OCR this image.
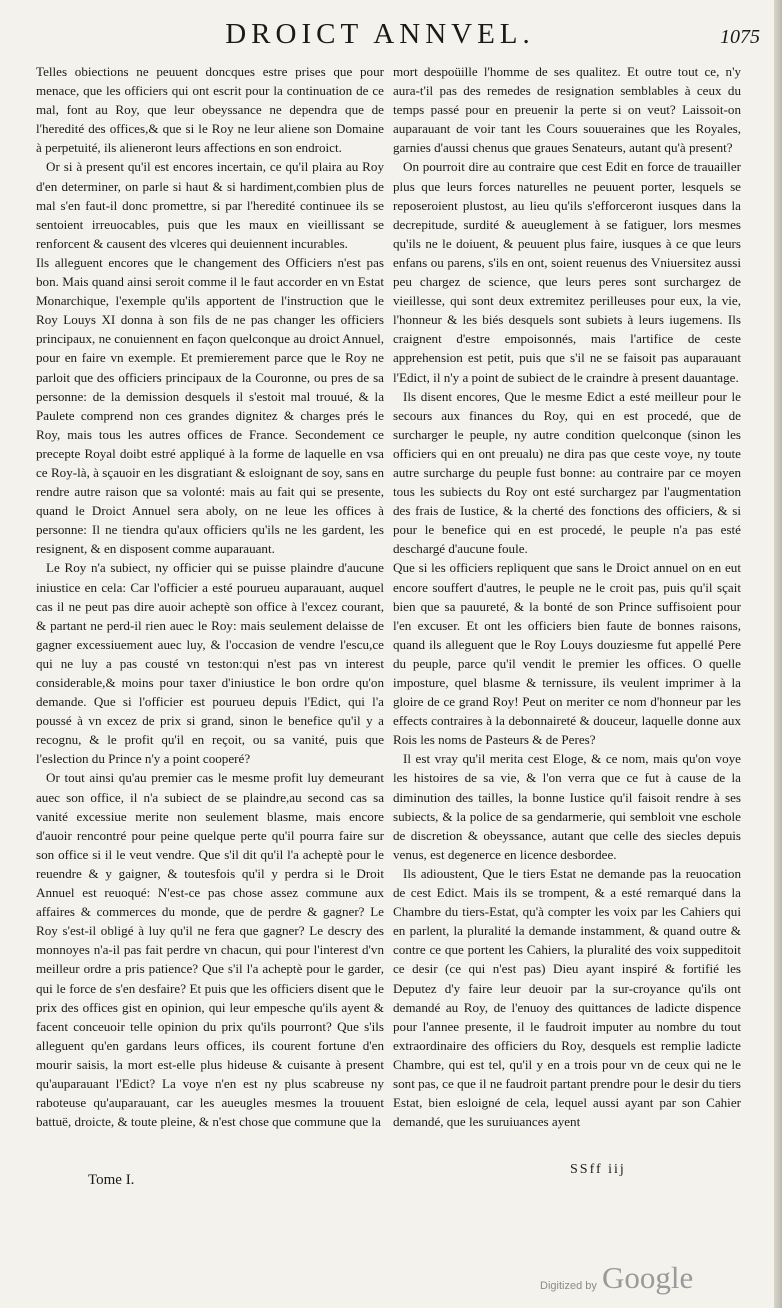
DROICT ANNVEL.	1075

Telles obiections ne peuuent doncques estre prises que pour menace, que les officiers qui ont escrit pour la continuation de ce mal, font au Roy, que leur obeyssance ne dependra que de l'heredité des offices,& que si le Roy ne leur aliene son Domaine à perpetuité, ils alieneront leurs affections en son endroict.

Or si à present qu'il est encores incertain, ce qu'il plaira au Roy d'en determiner, on parle si haut & si hardiment,combien plus de mal s'en faut-il donc promettre, si par l'heredité continuee ils se sentoient irreuocables, puis que les maux en vieillissant se renforcent & causent des vlceres qui deuiennent incurables.

Ils alleguent encores que le changement des Officiers n'est pas bon. Mais quand ainsi seroit comme il le faut accorder en vn Estat Monarchique, l'exemple qu'ils apportent de l'instruction que le Roy Louys XI donna à son fils de ne pas changer les officiers principaux, ne conuiennent en façon quelconque au droict Annuel, pour en faire vn exemple. Et premierement parce que le Roy ne parloit que des officiers principaux de la Couronne, ou pres de sa personne: de la demission desquels il s'estoit mal trouué, & la Paulete comprend non ces grandes dignitez & charges prés le Roy, mais tous les autres offices de France. Secondement ce precepte Royal doibt estré appliqué à la forme de laquelle en vsa ce Roy-là, à sçauoir en les disgratiant & esloignant de soy, sans en rendre autre raison que sa volonté: mais au fait qui se presente, quand le Droict Annuel sera aboly, on ne leue les offices à personne: Il ne tiendra qu'aux officiers qu'ils ne les gardent, les resignent, & en disposent comme auparauant.

Le Roy n'a subiect, ny officier qui se puisse plaindre d'aucune iniustice en cela: Car l'officier a esté pourueu auparauant, auquel cas il ne peut pas dire auoir acheptè son office à l'excez courant, & partant ne perd-il rien auec le Roy: mais seulement delaisse de gagner excessiuement auec luy, & l'occasion de vendre l'escu,ce qui ne luy a pas cousté vn teston:qui n'est pas vn interest considerable,& moins pour taxer d'iniustice le bon ordre qu'on demande. Que si l'officier est pourueu depuis l'Edict, qui l'a poussé à vn excez de prix si grand, sinon le benefice qu'il y a recognu, & le profit qu'il en reçoit, ou sa vanité, puis que l'eslection du Prince n'y a point cooperé?

Or tout ainsi qu'au premier cas le mesme profit luy demeurant auec son office, il n'a subiect de se plaindre,au second cas sa vanité excessiue merite non seulement blasme, mais encore d'auoir rencontré pour peine quelque perte qu'il pourra faire sur son office si il le veut vendre. Que s'il dit qu'il l'a acheptè pour le reuendre & y gaigner, & toutesfois qu'il y perdra si le Droit Annuel est reuoqué: N'est-ce pas chose assez commune aux affaires & commerces du monde, que de perdre & gagner? Le Roy s'est-il obligé à luy qu'il ne fera que gagner? Le descry des monnoyes n'a-il pas fait perdre vn chacun, qui pour l'interest d'vn meilleur ordre a pris patience? Que s'il l'a acheptè pour le garder, qui le force de s'en desfaire? Et puis que les officiers disent que le prix des offices gist en opinion, qui leur empesche qu'ils ayent & facent conceuoir telle opinion du prix qu'ils pourront? Que s'ils alleguent qu'en gardans leurs offices, ils courent fortune d'en mourir saisis, la mort est-elle plus hideuse & cuisante à present qu'auparauant l'Edict? La voye n'en est ny plus scabreuse ny raboteuse qu'auparauant, car les aueugles mesmes la trouuent battuë, droicte, & toute pleine, & n'est chose que commune que la

mort despoüille l'homme de ses qualitez. Et outre tout ce, n'y aura-t'il pas des remedes de resignation semblables à ceux du temps passé pour en preuenir la perte si on veut? Laissoit-on auparauant de voir tant les Cours souueraines que les Royales, garnies d'aussi chenus que graues Senateurs, autant qu'à present?

On pourroit dire au contraire que cest Edit en force de trauailler plus que leurs forces naturelles ne peuuent porter, lesquels se reposeroient plustost, au lieu qu'ils s'efforceront iusques dans la decrepitude, surdité & aueuglement à se fatiguer, lors mesmes qu'ils ne le doiuent, & peuuent plus faire, iusques à ce que leurs enfans ou parens, s'ils en ont, soient reuenus des Vniuersitez aussi peu chargez de science, que leurs peres sont surchargez de vieillesse, qui sont deux extremitez perilleuses pour eux, la vie, l'honneur & les biés desquels sont subiets à leurs iugemens. Ils craignent d'estre empoisonnés, mais l'artifice de ceste apprehension est petit, puis que s'il ne se faisoit pas auparauant l'Edict, il n'y a point de subiect de le craindre à present dauantage.

Ils disent encores, Que le mesme Edict a esté meilleur pour le secours aux finances du Roy, qui en est procedé, que de surcharger le peuple, ny autre condition quelconque (sinon les officiers qui en ont preualu) ne dira pas que ceste voye, ny toute autre surcharge du peuple fust bonne: au contraire par ce moyen tous les subiects du Roy ont esté surchargez par l'augmentation des frais de Iustice, & la cherté des fonctions des officiers, & si pour le benefice qui en est procedé, le peuple n'a pas esté deschargé d'aucune foule.

Que si les officiers repliquent que sans le Droict annuel on en eut encore souffert d'autres, le peuple ne le croit pas, puis qu'il sçait bien que sa pauureté, & la bonté de son Prince suffisoient pour l'en excuser. Et ont les officiers bien faute de bonnes raisons, quand ils alleguent que le Roy Louys douziesme fut appellé Pere du peuple, parce qu'il vendit le premier les offices. O quelle imposture, quel blasme & ternissure, ils veulent imprimer à la gloire de ce grand Roy! Peut on meriter ce nom d'honneur par les effects contraires à la debonnaireté & douceur, laquelle donne aux Rois les noms de Pasteurs & de Peres?

Il est vray qu'il merita cest Eloge, & ce nom, mais qu'on voye les histoires de sa vie, & l'on verra que ce fut à cause de la diminution des tailles, la bonne Iustice qu'il faisoit rendre à ses subiects, & la police de sa gendarmerie, qui sembloit vne eschole de discretion & obeyssance, autant que celle des siecles depuis venus, est degenerce en licence desbordee.

Ils adioustent, Que le tiers Estat ne demande pas la reuocation de cest Edict. Mais ils se trompent, & a esté remarqué dans la Chambre du tiers-Estat, qu'à compter les voix par les Cahiers qui en parlent, la pluralité la demande instamment, & quand outre & contre ce que portent les Cahiers, la pluralité des voix suppeditoit ce desir (ce qui n'est pas) Dieu ayant inspiré & fortifié les Deputez d'y faire leur deuoir par la sur-croyance qu'ils ont demandé au Roy, de l'enuoy des quittances de ladicte dispence pour l'annee presente, il le faudroit imputer au nombre du tout extraordinaire des officiers du Roy, desquels est remplie ladicte Chambre, qui est tel, qu'il y en a trois pour vn de ceux qui ne le sont pas, ce que il ne faudroit partant prendre pour le desir du tiers Estat, bien esloigné de cela, lequel aussi ayant par son Cahier demandé, que les suruiuances ayent

Tome I.
SSff iij
Digitized by Google
